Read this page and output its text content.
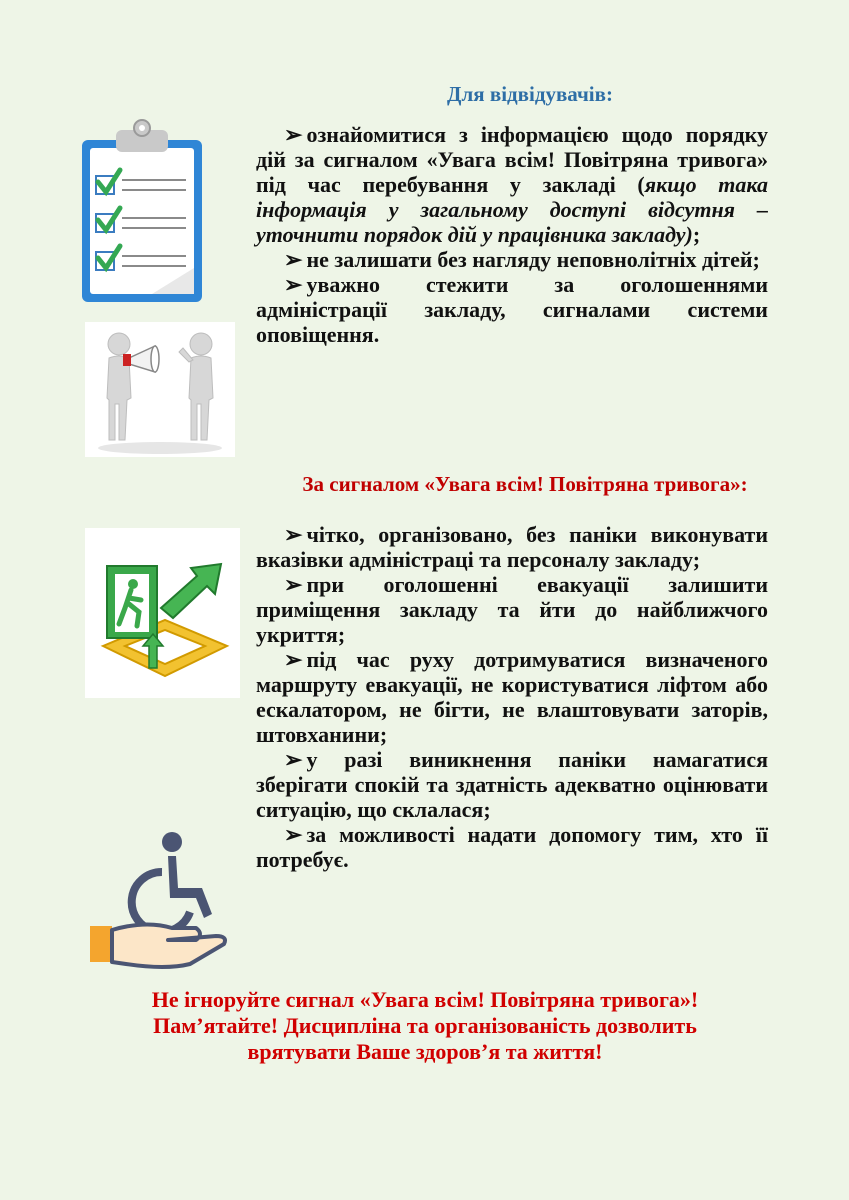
Для відвідувачів:
➢ ознайомитися з інформацією щодо порядку дій за сигналом «Увага всім! Повітряна тривога» під час перебування у закладі (якщо така інформація у загальному доступі відсутня – уточнити порядок дій у працівника закладу);
➢ не залишати без нагляду неповнолітніх дітей;
➢ уважно стежити за оголошеннями адміністрації закладу, сигналами системи оповіщення.
За сигналом «Увага всім! Повітряна тривога»:
➢ чітко, організовано, без паніки виконувати вказівки адміністраці та персоналу закладу;
➢ при оголошенні евакуації залишити приміщення закладу та йти до найближчого укриття;
➢ під час руху дотримуватися визначеного маршруту евакуації, не користуватися ліфтом або ескалатором, не бігти, не влаштовувати заторів, штовханини;
➢ у разі виникнення паніки намагатися зберігати спокій та здатність адекватно оцінювати ситуацію, що склалася;
➢ за можливості надати допомогу тим, хто її потребує.
Не ігноруйте сигнал «Увага всім! Повітряна тривога»!
Пам’ятайте! Дисципліна та організованість дозволить
врятувати Ваше здоров’я та життя!
